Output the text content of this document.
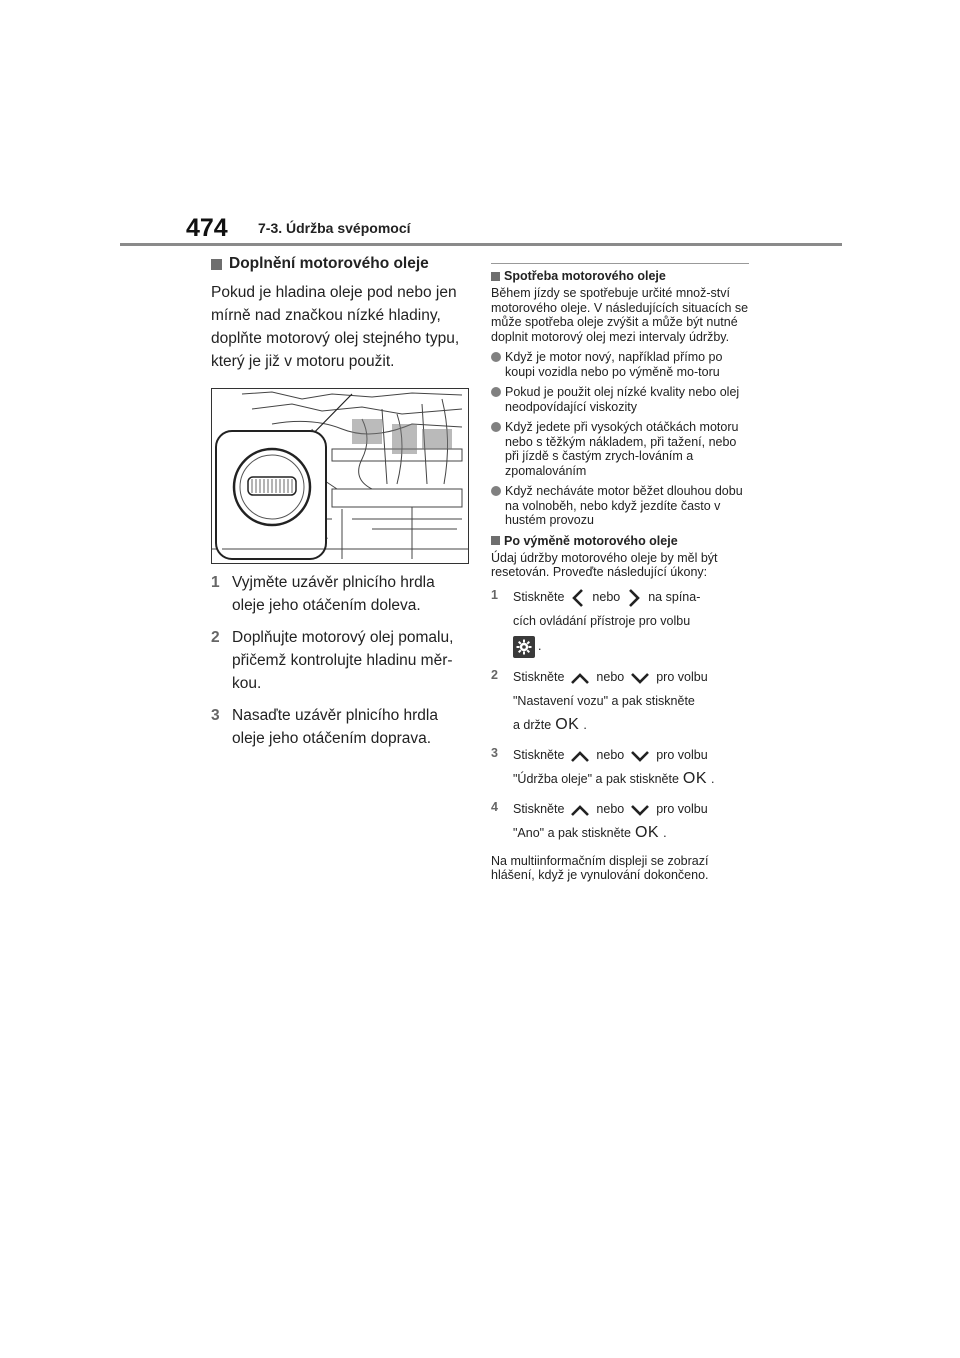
474 7-3. Údržba svépomocí
Doplnění motorového oleje

Pokud je hladina oleje pod nebo jen mírně nad značkou nízké hladiny, doplňte motorový olej stejného typu, který je již v motoru použit.

1 Vyjměte uzávěr plnicího hrdla oleje jeho otáčením doleva.
2 Doplňujte motorový olej pomalu, přičemž kontrolujte hladinu měr-kou.
3 Nasaďte uzávěr plnicího hrdla oleje jeho otáčením doprava.
Spotřeba motorového oleje

Během jízdy se spotřebuje určité množ-ství motorového oleje. V následujících situacích se může spotřeba oleje zvýšit a může být nutné doplnit motorový olej mezi intervaly údržby.

Když je motor nový, například přímo po koupi vozidla nebo po výměně mo-toru
Pokud je použit olej nízké kvality nebo olej neodpovídající viskozity
Když jedete při vysokých otáčkách motoru nebo s těžkým nákladem, při tažení, nebo při jízdě s častým zrych-lováním a zpomalováním
Když necháváte motor běžet dlouhou dobu na volnoběh, nebo když jezdíte často v hustém provozu
Po výměně motorového oleje

Údaj údržby motorového oleje by měl být resetován. Proveďte následující úkony:

1	Stiskněte nebo na spína-
cích ovládání přístroje pro volbu
.
2	Stiskněte	nebo	pro volbu
"Nastavení vozu" a pak stiskněte
a držte OK .
3	Stiskněte	nebo	pro volbu
"Údržba oleje" a pak stiskněte OK .
4	Stiskněte	nebo	pro volbu
"Ano" a pak stiskněte OK .

Na multiinformačním displeji se zobrazí hlášení, když je vynulování dokončeno.
